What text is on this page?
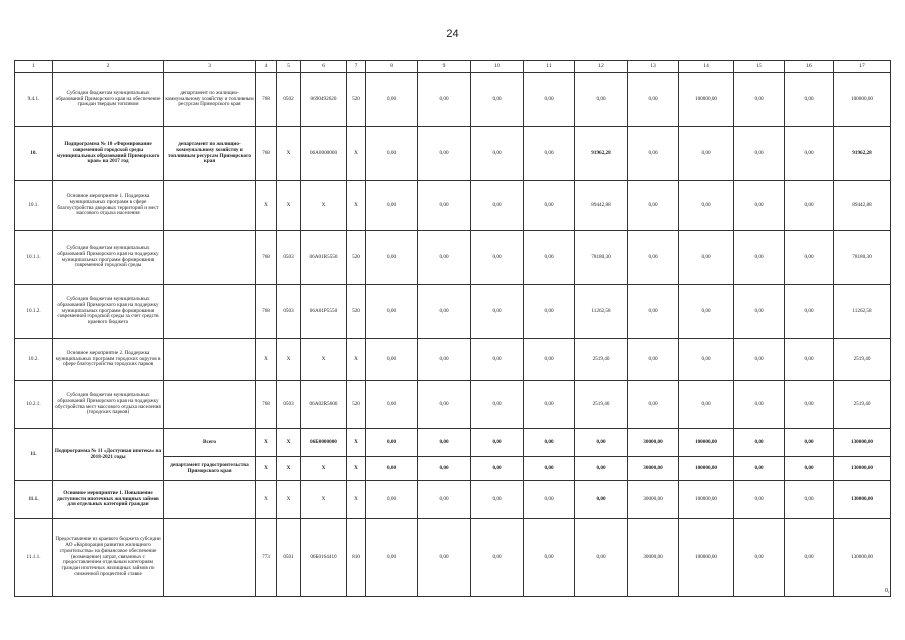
24
1	2	3	4	5	6	7	8	9	10	11	12	13	14	15	16	17
9.4.1.	Субсидии бюджетам муниципальных образований Приморского края на обеспечение граждан твердым топливом	департамент по жилищно-коммунальному хозяйству и топливным ресурсам Приморского края	768	0502	0690492620	520	0,00	0,00	0,00	0,00	0,00	0,00	100000,00	0,00	0,00	100000,00
10.	Подпрограмма № 10 «Формирование современной городской среды муниципальных образований Приморского края» на 2017 год	департамент по жилищно-коммунальному хозяйству и топливным ресурсам Приморского края	768	X	06А0000000	X	0,00	0,00	0,00	0,00	91962,28	0,00	0,00	0,00	0,00	91962,28
10.1.	Основное мероприятие 1. Поддержка муниципальных программ в сфере благоустройства дворовых территорий и мест массового отдыха населения		X	X	X	X	0,00	0,00	0,00	0,00	89442,88	0,00	0,00	0,00	0,00	89442,88
10.1.1.	Субсидии бюджетам муниципальных образований Приморского края на поддержку муниципальных программ формирования современной городской среды		768	0503	06А01R5550	520	0,00	0,00	0,00	0,00	78180,30	0,00	0,00	0,00	0,00	78180,30
10.1.2.	Субсидии бюджетам муниципальных образований Приморского края на поддержку муниципальных программ формирования современной городской среды за счет средств краевого бюджета		768	0503	06А01Р5550	520	0,00	0,00	0,00	0,00	11262,58	0,00	0,00	0,00	0,00	11262,58
10.2.	Основное мероприятие 2. Поддержка муниципальных программ городских округов в сфере благоустройства городских парков		X	X	X	X	0,00	0,00	0,00	0,00	2519,40	0,00	0,00	0,00	0,00	2519,40
10.2.1.	Субсидии бюджетам муниципальных образований Приморского края на поддержку обустройства мест массового отдыха населения (городских парков)		768	0503	06А02R5600	520	0,00	0,00	0,00	0,00	2519,40	0,00	0,00	0,00	0,00	2519,40
11.	Подпрограмма № 11 «Доступная ипотека» на 2018-2021 годы	Всего	X	X	06Б0000000	X	0,00	0,00	0,00	0,00	0,00	30000,00	100000,00	0,00	0,00	130000,00
		департамент градостроительства Приморского края	X	X	X	X	0,00	0,00	0,00	0,00	0,00	30000,00	100000,00	0,00	0,00	130000,00
11.1.	Основное мероприятие 1. Повышение доступности ипотечных жилищных займов для отдельных категорий граждан		X	X	X	X	0,00	0,00	0,00	0,00	0,00	30000,00	100000,00	0,00	0,00	130000,00
11.1.1.	Предоставление из краевого бюджета субсидии АО «Корпорация развития жилищного строительства» на финансовое обеспечение (возмещение) затрат, связанных с предоставлением отдельным категориям граждан ипотечных жилищных займов по сниженной процентной ставке		773	0501	06Б0164410	810	0,00	0,00	0,00	0,00	0,00	30000,00	100000,00	0,00	0,00	130000,00
0,
